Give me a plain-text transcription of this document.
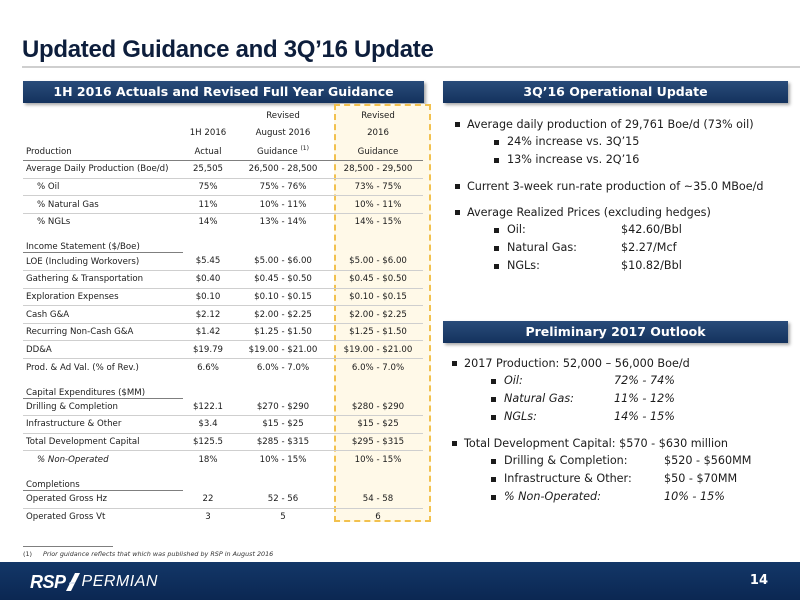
Updated Guidance and 3Q’16 Update
1H 2016 Actuals and Revised Full Year Guidance	3Q’16 Operational Update
Preliminary 2017 Outlook
		Revised	Revised
	1H 2016	August 2016	2016
Production	Actual	Guidance $^{(1)}$	Guidance
Average Daily Production (Boe/d)	25,505	26,500 - 28,500	28,500 - 29,500
% Oil	75%	75% - 76%	73% - 75%
% Natural Gas	11%	10% - 11%	10% - 11%
% NGLs	14%	13% - 14%	14% - 15%
Income Statement ($/Boe)			
LOE (Including Workovers)	$5.45	$5.00 - $6.00	$5.00 - $6.00
Gathering & Transportation	$0.40	$0.45 - $0.50	$0.45 - $0.50
Exploration Expenses	$0.10	$0.10 - $0.15	$0.10 - $0.15
Cash G&A	$2.12	$2.00 - $2.25	$2.00 - $2.25
Recurring Non-Cash G&A	$1.42	$1.25 - $1.50	$1.25 - $1.50
DD&A	$19.79	$19.00 - $21.00	$19.00 - $21.00
Prod. & Ad Val. (% of Rev.)	6.6%	6.0% - 7.0%	6.0% - 7.0%
Capital Expenditures ($MM)			
Drilling & Completion	$122.1	$270 - $290	$280 - $290
Infrastructure & Other	$3.4	$15 - $25	$15 - $25
Total Development Capital	$125.5	$285 - $315	$295 - $315
% Non-Operated	18%	10% - 15%	10% - 15%
Completions			
Operated Gross Hz	22	52 - 56	54 - 58
Operated Gross Vt	3	5	6
Average daily production of 29,761 Boe/d (73% oil)
24% increase vs. 3Q’15
13% increase vs. 2Q’16
Current 3-week run-rate production of ~35.0 MBoe/d
Average Realized Prices (excluding hedges)
Oil:	$42.60/Bbl
Natural Gas:	$2.27/Mcf
NGLs:	$10.82/Bbl
2017 Production: 52,000 – 56,000 Boe/d
Oil:	72% - 74%
Natural Gas:	11% - 12%
NGLs:	14% - 15%
Total Development Capital: $570 - $630 million
Drilling & Completion:	$520 - $560MM
Infrastructure & Other:	$50 - $70MM
% Non-Operated:	10% - 15%
(1) Prior guidance reflects that which was published by RSP in August 2016
RSP PERMIAN	14
